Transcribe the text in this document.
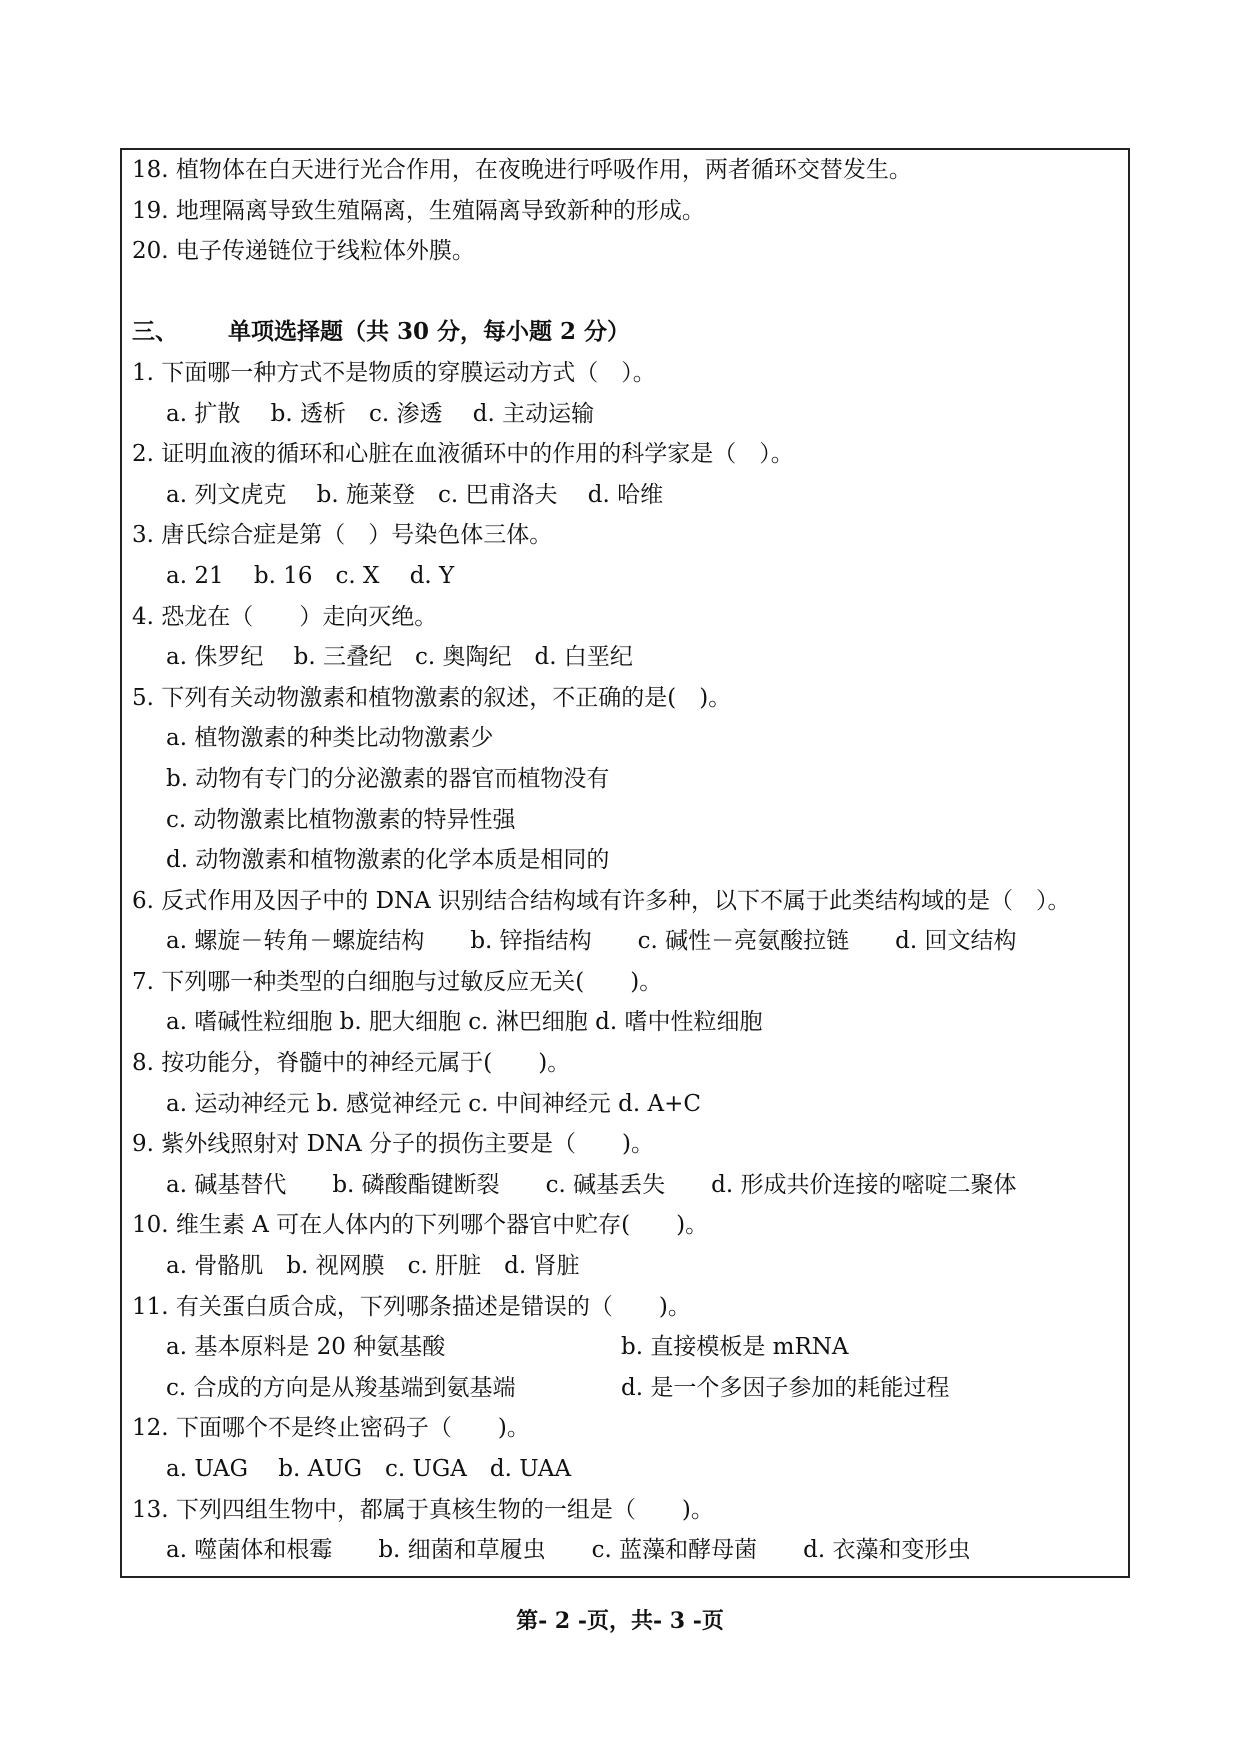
18. 植物体在白天进行光合作用，在夜晚进行呼吸作用，两者循环交替发生。
19. 地理隔离导致生殖隔离，生殖隔离导致新种的形成。
20. 电子传递链位于线粒体外膜。
三、 单项选择题（共 30 分，每小题 2 分）
1. 下面哪一种方式不是物质的穿膜运动方式（　）。
a. 扩散　 b. 透析　c. 渗透　 d. 主动运输
2. 证明血液的循环和心脏在血液循环中的作用的科学家是（　）。
a. 列文虎克　 b. 施莱登　c. 巴甫洛夫　 d. 哈维
3. 唐氏综合症是第（　）号染色体三体。
a. 21　 b. 16　c. X　 d. Y
4. 恐龙在（　　）走向灭绝。
a. 侏罗纪　 b. 三叠纪　c. 奥陶纪　d. 白垩纪
5. 下列有关动物激素和植物激素的叙述，不正确的是(　)。
a. 植物激素的种类比动物激素少
b. 动物有专门的分泌激素的器官而植物没有
c. 动物激素比植物激素的特异性强
d. 动物激素和植物激素的化学本质是相同的
6. 反式作用及因子中的 DNA 识别结合结构域有许多种，以下不属于此类结构域的是（　）。
a. 螺旋－转角－螺旋结构　　b. 锌指结构　　c. 碱性－亮氨酸拉链　　d. 回文结构
7. 下列哪一种类型的白细胞与过敏反应无关(　　)。
a. 嗜碱性粒细胞 b. 肥大细胞 c. 淋巴细胞 d. 嗜中性粒细胞
8. 按功能分，脊髓中的神经元属于(　　)。
a. 运动神经元 b. 感觉神经元 c. 中间神经元 d. A+C
9. 紫外线照射对 DNA 分子的损伤主要是（　　)。
a. 碱基替代　　b. 磷酸酯键断裂　　c. 碱基丢失　　d. 形成共价连接的嘧啶二聚体
10. 维生素 A 可在人体内的下列哪个器官中贮存(　　)。
a. 骨骼肌　b. 视网膜　c. 肝脏　d. 肾脏
11. 有关蛋白质合成，下列哪条描述是错误的（　　)。
a. 基本原料是 20 种氨基酸	b. 直接模板是 mRNA
c. 合成的方向是从羧基端到氨基端	d. 是一个多因子参加的耗能过程
12. 下面哪个不是终止密码子（　　)。
a. UAG　 b. AUG　c. UGA　d. UAA
13. 下列四组生物中，都属于真核生物的一组是（　　)。
a. 噬菌体和根霉　　b. 细菌和草履虫　　c. 蓝藻和酵母菌　　d. 衣藻和变形虫
第- 2 -页，共- 3 -页
